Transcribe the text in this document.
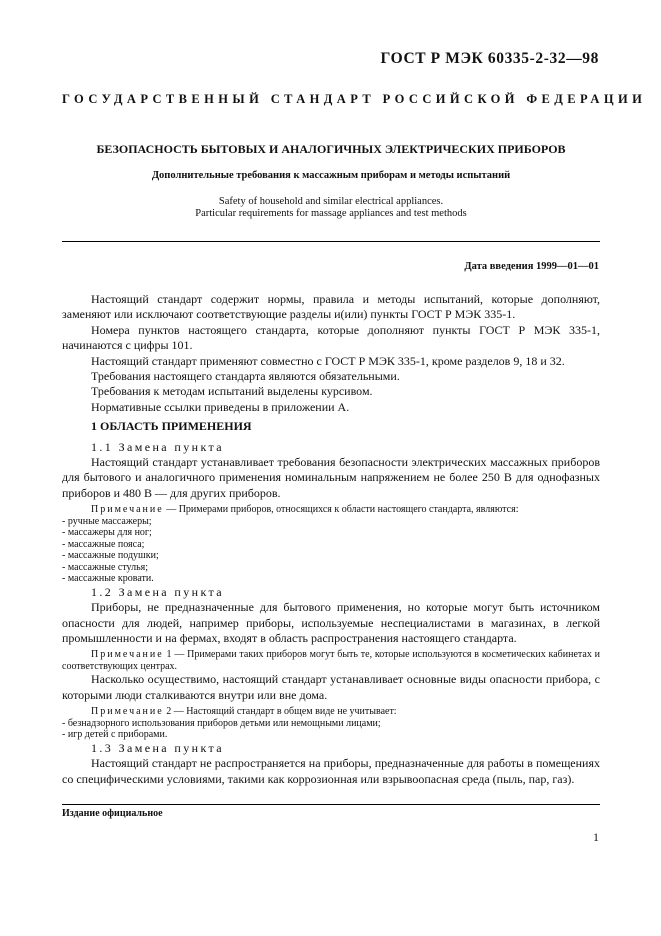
ГОСТ Р МЭК 60335-2-32—98
ГОСУДАРСТВЕННЫЙ СТАНДАРТ РОССИЙСКОЙ ФЕДЕРАЦИИ
БЕЗОПАСНОСТЬ БЫТОВЫХ И АНАЛОГИЧНЫХ ЭЛЕКТРИЧЕСКИХ ПРИБОРОВ
Дополнительные требования к массажным приборам и методы испытаний
Safety of household and similar electrical appliances.
Particular requirements for massage appliances and test methods
Дата введения 1999—01—01

Настоящий стандарт содержит нормы, правила и методы испытаний, которые дополняют, заменяют или исключают соответствующие разделы и(или) пункты ГОСТ Р МЭК 335-1.

Номера пунктов настоящего стандарта, которые дополняют пункты ГОСТ Р МЭК 335-1, начинаются с цифры 101.

Настоящий стандарт применяют совместно с ГОСТ Р МЭК 335-1, кроме разделов 9, 18 и 32.

Требования настоящего стандарта являются обязательными.

Требования к методам испытаний выделены курсивом.

Нормативные ссылки приведены в приложении А.

1 ОБЛАСТЬ ПРИМЕНЕНИЯ

1.1 Замена пункта

Настоящий стандарт устанавливает требования безопасности электрических массажных приборов для бытового и аналогичного применения номинальным напряжением не более 250 В для однофазных приборов и 480 В — для других приборов.

Примечание — Примерами приборов, относящихся к области настоящего стандарта, являются:

- ручные массажеры;

- массажеры для ног;

- массажные пояса;

- массажные подушки;

- массажные стулья;

- массажные кровати.

1.2 Замена пункта

Приборы, не предназначенные для бытового применения, но которые могут быть источником опасности для людей, например приборы, используемые неспециалистами в магазинах, в легкой промышленности и на фермах, входят в область распространения настоящего стандарта.

Примечание 1 — Примерами таких приборов могут быть те, которые используются в косметических кабинетах и соответствующих центрах.

Насколько осуществимо, настоящий стандарт устанавливает основные виды опасности приборa, с которыми люди сталкиваются внутри или вне дома.

Примечание 2 — Настоящий стандарт в общем виде не учитывает:

- безнадзорного использования приборов детьми или немощными лицами;

- игр детей с приборами.

1.3 Замена пункта

Настоящий стандарт не распространяется на приборы, предназначенные для работы в помещениях со специфическими условиями, такими как коррозионная или взрывоопасная среда (пыль, пар, газ).

Издание официальное
1
